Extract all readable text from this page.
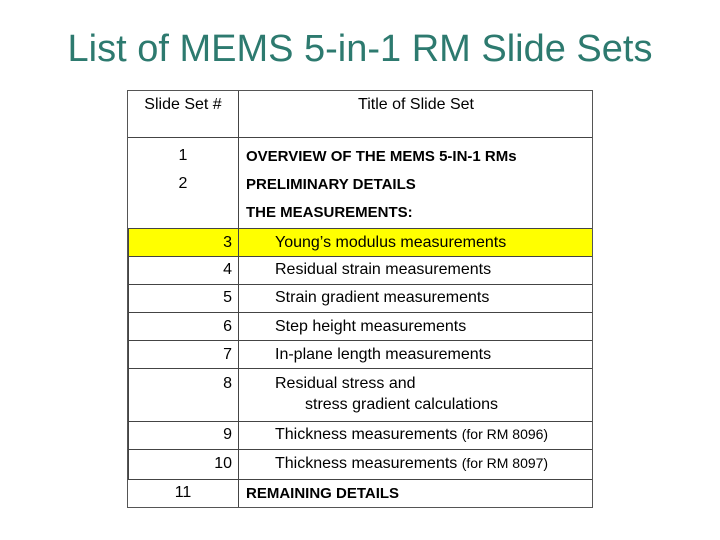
List of MEMS 5-in-1 RM Slide Sets
Slide Set #	Title of Slide Set
1	OVERVIEW OF THE MEMS 5-IN-1 RMs
2	PRELIMINARY DETAILS
THE MEASUREMENTS:
3	Young’s modulus measurements
4	Residual strain measurements
5	Strain gradient measurements
6	Step height measurements
7	In-plane length measurements
8	Residual stress and
stress gradient calculations
9	Thickness measurements (for RM 8096)
10	Thickness measurements (for RM 8097)
11	REMAINING DETAILS
